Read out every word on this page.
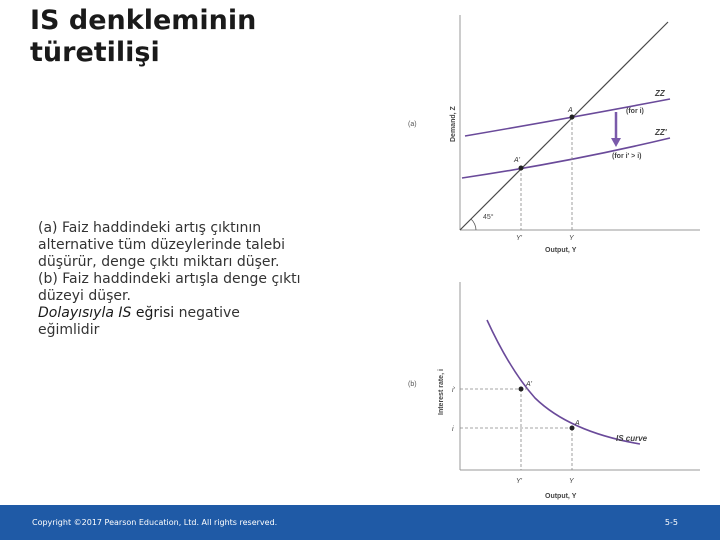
IS denkleminin
türetilişi
(a) Faiz haddindeki artış çıktının
alternative tüm düzeylerinde talebi
düşürür, denge çıktı miktarı düşer.
(b) Faiz haddindeki artışla denge çıktı
düzeyi düşer.
Dolayısıyla IS eğrisi negative
eğimlidir
(a)	Demand, Z
45°
ZZ
(for i)
ZZ'
(for i' > i)
A
A'
Y'	Y
Output, Y
(b)	Interest rate, i	A'
A
IS curve
i'
i
Y'	Y
Output, Y
Copyright ©2017 Pearson Education, Ltd. All rights reserved.	5-5
